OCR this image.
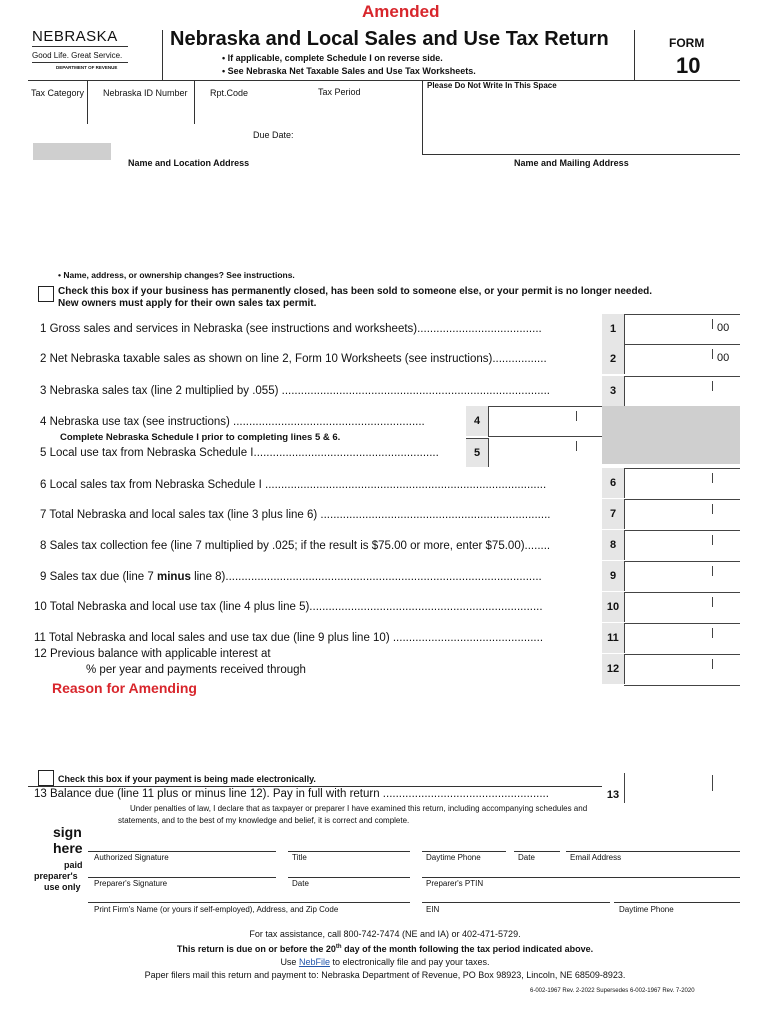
Amended
NEBRASKA
Good Life. Great Service.
DEPARTMENT OF REVENUE
Nebraska and Local Sales and Use Tax Return
• If applicable, complete Schedule I on reverse side.
• See Nebraska Net Taxable Sales and Use Tax Worksheets.
FORM
10
Tax Category Nebraska ID Number Rpt.Code	Tax Period
Please Do Not Write In This Space
Due Date:
Name and Location Address	Name and Mailing Address
• Name, address, or ownership changes? See instructions.
Check this box if your business has permanently closed, has been sold to someone else, or your permit is no longer needed.
New owners must apply for their own sales tax permit.
1 Gross sales and services in Nebraska (see instructions and worksheets).......................................	1	00
2 Net Nebraska taxable sales as shown on line 2, Form 10 Worksheets (see instructions).................	2	00
3 Nebraska sales tax (line 2 multiplied by .055) ....................................................................................	3
4 Nebraska use tax (see instructions) ............................................................	4
Complete Nebraska Schedule I prior to completing lines 5 & 6.
5 Local use tax from Nebraska Schedule I..........................................................	5
6 Local sales tax from Nebraska Schedule I ........................................................................................	6
7 Total Nebraska and local sales tax (line 3 plus line 6) ........................................................................	7
8 Sales tax collection fee (line 7 multiplied by .025; if the result is $75.00 or more, enter $75.00)........	8
9 Sales tax due (line 7 minus line 8)...................................................................................................	9
10 Total Nebraska and local use tax (line 4 plus line 5).........................................................................	10
11 Total Nebraska and local sales and use tax due (line 9 plus line 10) ...............................................	11
12 Previous balance with applicable interest at
% per year and payments received through	12
Reason for Amending
Check this box if your payment is being made electronically.
13 Balance due (line 11 plus or minus line 12). Pay in full with return ....................................................	13
Under penalties of law, I declare that as taxpayer or preparer I have examined this return, including accompanying schedules and
statements, and to the best of my knowledge and belief, it is correct and complete.
sign
here
paid
preparer's
use only
Authorized Signature	Title	Daytime Phone	Date	Email Address
Preparer's Signature	Date	Preparer's PTIN
Print Firm's Name (or yours if self-employed), Address, and Zip Code	EIN	Daytime Phone
For tax assistance, call 800-742-7474 (NE and IA) or 402-471-5729.
This return is due on or before the 20th day of the month following the tax period indicated above.
Use NebFile to electronically file and pay your taxes.
Paper filers mail this return and payment to: Nebraska Department of Revenue, PO Box 98923, Lincoln, NE 68509-8923.
6-002-1967 Rev. 2-2022 Supersedes 6-002-1967 Rev. 7-2020
